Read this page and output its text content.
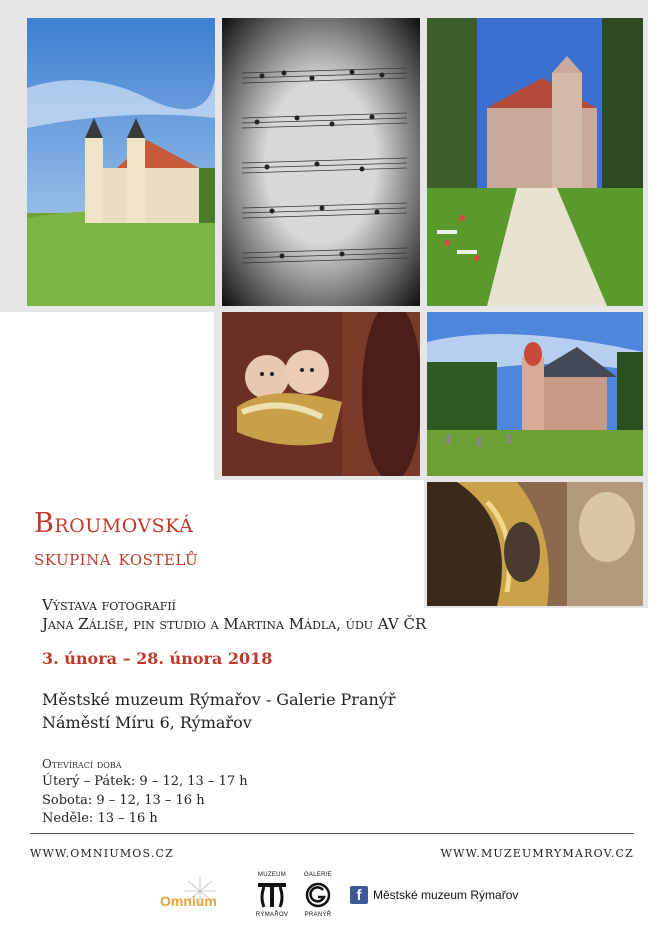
Broumovská
skupina kostelů
Výstava fotografií
Jana Záliše, pin studio a Martina Mádla, údu AV ČR
3. února – 28. února 2018
Městské muzeum Rýmařov - Galerie Pranýř
Náměstí Míru 6, Rýmařov
Otevírací doba
Úterý – Pátek: 9 – 12, 13 – 17 h
Sobota: 9 – 12, 13 – 16 h
Neděle: 13 – 16 h
WWW.OMNIUMOS.CZ	WWW.MUZEUMRYMAROV.CZ
Omnium
MUZEUM
RÝMAŘOV
GALERIE
PRANÝŘ
f Městské muzeum Rýmařov
